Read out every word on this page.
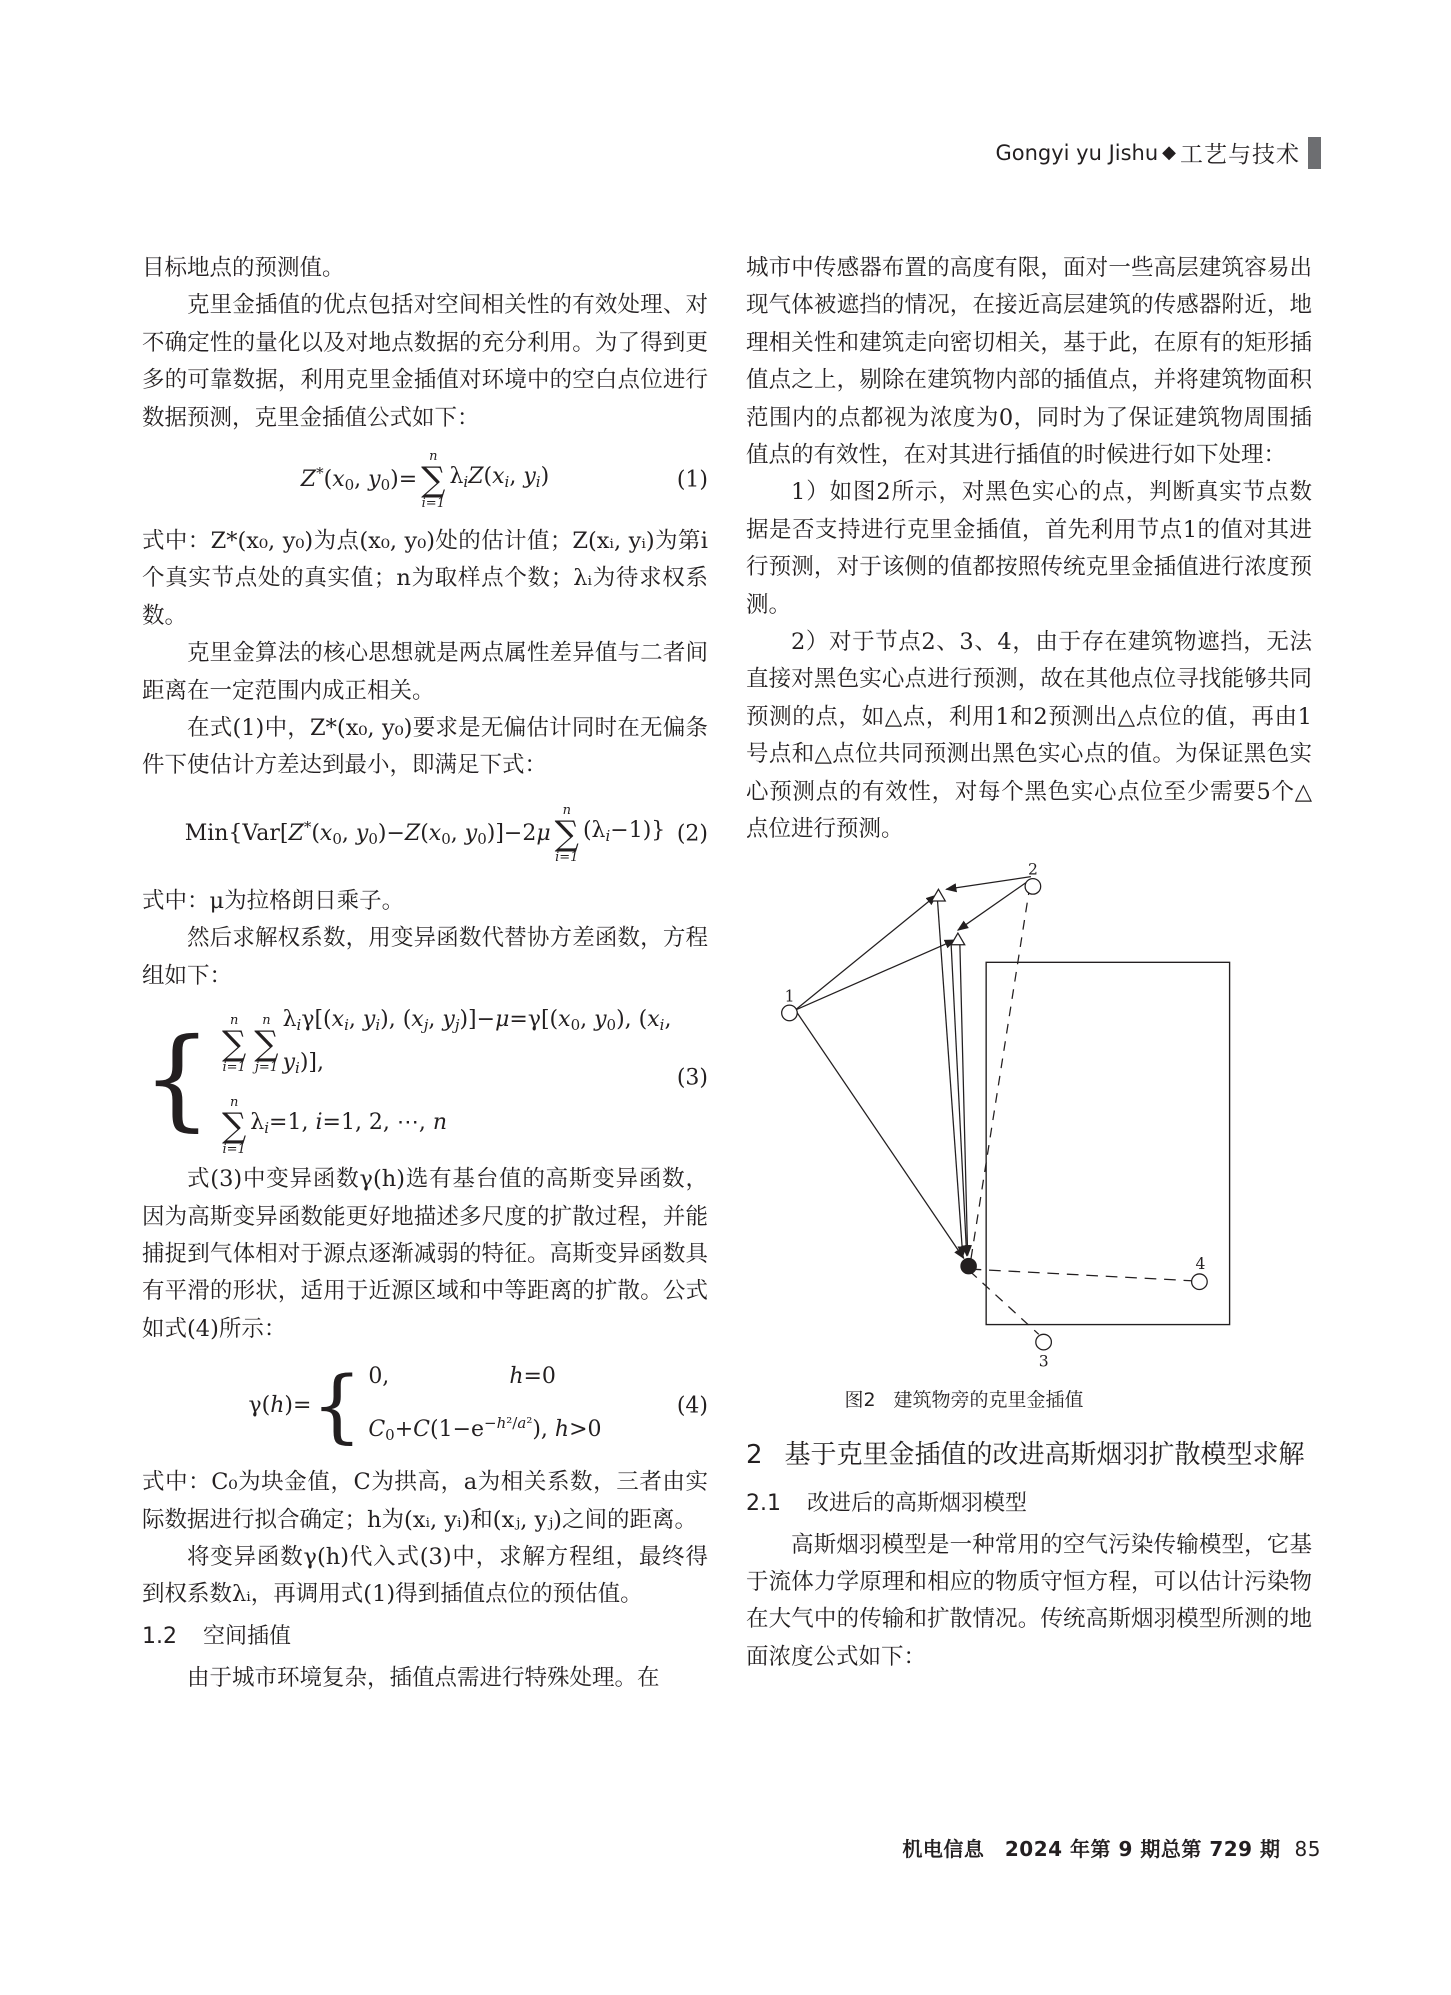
Gongyi yu Jishu ◆ 工艺与技术

目标地点的预测值。

克里金插值的优点包括对空间相关性的有效处理、对不确定性的量化以及对地点数据的充分利用。为了得到更多的可靠数据，利用克里金插值对环境中的空白点位进行数据预测，克里金插值公式如下：

$Z^*(x_0$, $y_0)=$
n
∑
i=1
$\lambda_iZ(x_i$, $y_i$)	(1)

式中：Z*(x₀, y₀)为点(x₀, y₀)处的估计值；Z(xᵢ, yᵢ)为第i个真实节点处的真实值；n为取样点个数；λᵢ为待求权系数。

克里金算法的核心思想就是两点属性差异值与二者间距离在一定范围内成正相关。

在式(1)中，Z*(x₀, y₀)要求是无偏估计同时在无偏条件下使估计方差达到最小，即满足下式：

$Min\{Var[Z^*(x_0$, $y_0)-Z(x_0$, $y_0)]-2\mu$
n
∑
i=1
$(\lambda_i-1)$} (2)

式中：μ为拉格朗日乘子。

然后求解权系数，用变异函数代替协方差函数，方程组如下：

{ n
∑
i=1
n
∑
j=1
$\lambda_i\gamma[(x_i$, $y_i$), ($x_j$, $y_j)]-\mu=\gamma[(x_0$, $y_0$), ($x_i$, $y_i$)],
n
∑
i=1
$\lambda_i=1$, i=1, 2, ⋯, n
(3)

式(3)中变异函数γ(h)选有基台值的高斯变异函数，因为高斯变异函数能更好地描述多尺度的扩散过程，并能捕捉到气体相对于源点逐渐减弱的特征。高斯变异函数具有平滑的形状，适用于近源区域和中等距离的扩散。公式如式(4)所示：

γ(h)= { 0,	h=0
$C_0+C(1-e^{-h^2/a^2})$, h>0
(4)

式中：C₀为块金值，C为拱高，a为相关系数，三者由实际数据进行拟合确定；h为(xᵢ, yᵢ)和(xⱼ, yⱼ)之间的距离。

将变异函数γ(h)代入式(3)中，求解方程组，最终得到权系数λᵢ，再调用式(1)得到插值点位的预估值。

1.2 空间插值

由于城市环境复杂，插值点需进行特殊处理。在

城市中传感器布置的高度有限，面对一些高层建筑容易出现气体被遮挡的情况，在接近高层建筑的传感器附近，地理相关性和建筑走向密切相关，基于此，在原有的矩形插值点之上，剔除在建筑物内部的插值点，并将建筑物面积范围内的点都视为浓度为0，同时为了保证建筑物周围插值点的有效性，在对其进行插值的时候进行如下处理：

1）如图2所示，对黑色实心的点，判断真实节点数据是否支持进行克里金插值，首先利用节点1的值对其进行预测，对于该侧的值都按照传统克里金插值进行浓度预测。

2）对于节点2、3、4，由于存在建筑物遮挡，无法直接对黑色实心点进行预测，故在其他点位寻找能够共同预测的点，如△点，利用1和2预测出△点位的值，再由1号点和△点位共同预测出黑色实心点的值。为保证黑色实心预测点的有效性，对每个黑色实心点位至少需要5个△点位进行预测。

1
2
3
4
图2 建筑物旁的克里金插值
2 基于克里金插值的改进高斯烟羽扩散模型求解
2.1 改进后的高斯烟羽模型

高斯烟羽模型是一种常用的空气污染传输模型，它基于流体力学原理和相应的物质守恒方程，可以估计污染物在大气中的传输和扩散情况。传统高斯烟羽模型所测的地面浓度公式如下：

机电信息　2024 年第 9 期总第 729 期 85
